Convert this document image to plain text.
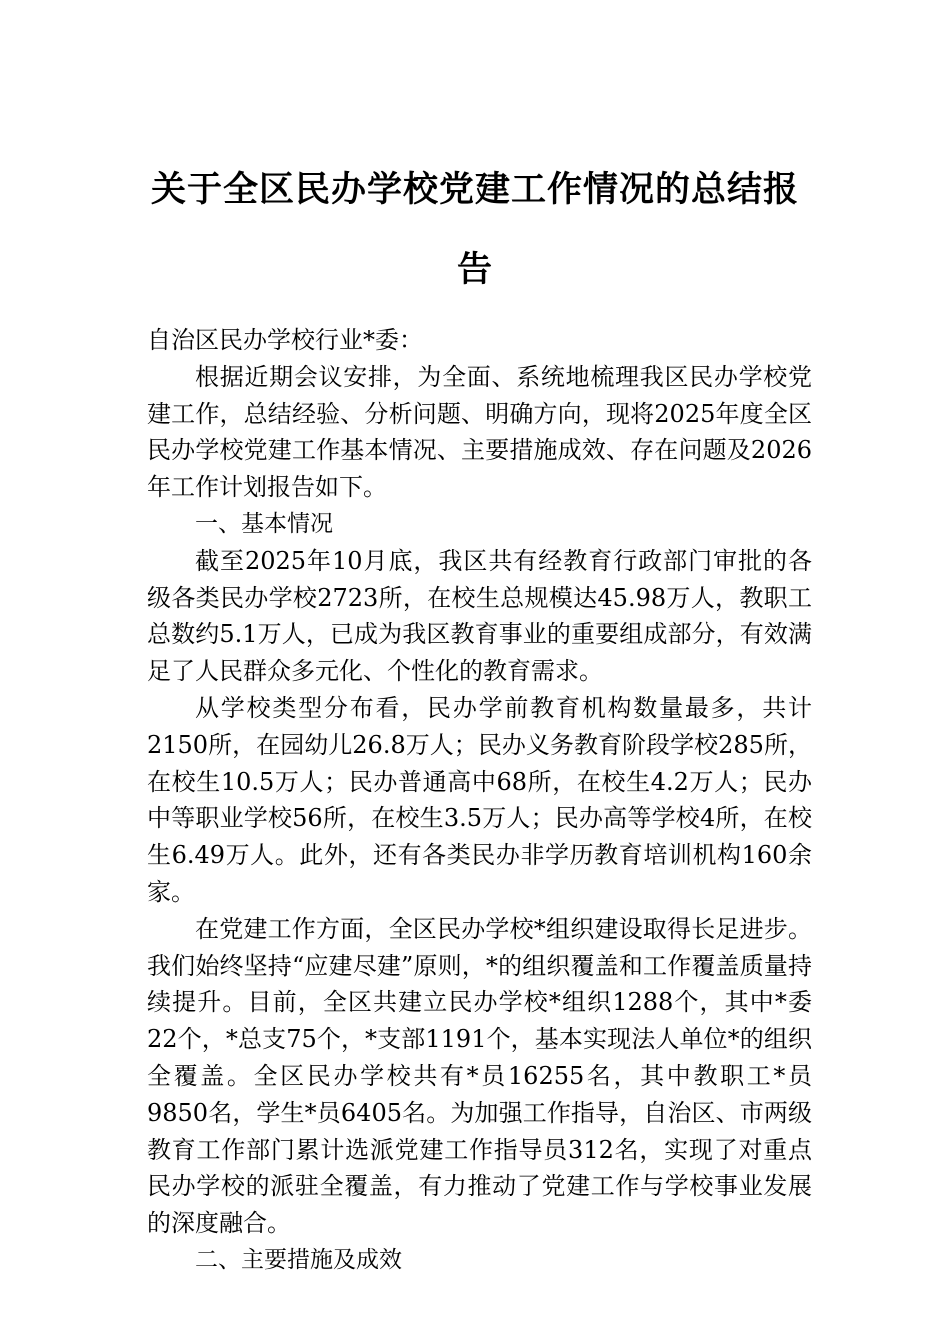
关于全区民办学校党建工作情况的总结报
告

自治区民办学校行业*委：

根据近期会议安排，为全面、系统地梳理我区民办学校党建工作，总结经验、分析问题、明确方向，现将2025年度全区民办学校党建工作基本情况、主要措施成效、存在问题及2026年工作计划报告如下。

一、基本情况

截至2025年10月底，我区共有经教育行政部门审批的各级各类民办学校2723所，在校生总规模达45.98万人，教职工总数约5.1万人，已成为我区教育事业的重要组成部分，有效满足了人民群众多元化、个性化的教育需求。

从学校类型分布看，民办学前教育机构数量最多，共计2150所，在园幼儿26.8万人；民办义务教育阶段学校285所，在校生10.5万人；民办普通高中68所，在校生4.2万人；民办中等职业学校56所，在校生3.5万人；民办高等学校4所，在校生6.49万人。此外，还有各类民办非学历教育培训机构160余家。

在党建工作方面，全区民办学校*组织建设取得长足进步。我们始终坚持“应建尽建”原则，*的组织覆盖和工作覆盖质量持续提升。目前，全区共建立民办学校*组织1288个，其中*委22个，*总支75个，*支部1191个，基本实现法人单位*的组织全覆盖。全区民办学校共有*员16255名，其中教职工*员9850名，学生*员6405名。为加强工作指导，自治区、市两级教育工作部门累计选派党建工作指导员312名，实现了对重点民办学校的派驻全覆盖，有力推动了党建工作与学校事业发展的深度融合。

二、主要措施及成效
